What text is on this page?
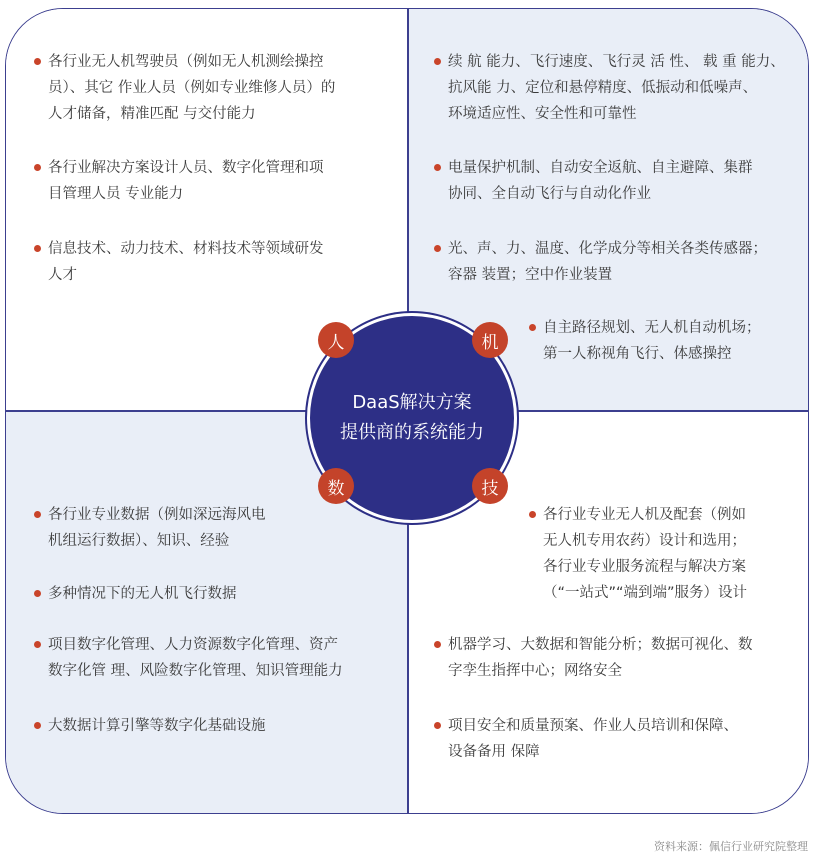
各行业无人机驾驶员（例如无人机测绘操控
员）、其它 作业人员（例如专业维修人员）的
人才储备，精准匹配 与交付能力
各行业解决方案设计人员、数字化管理和项
目管理人员 专业能力
信息技术、动力技术、材料技术等领域研发
人才
续 航 能力、飞行速度、飞行灵 活 性、 载 重 能力、
抗风能 力、定位和悬停精度、低振动和低噪声、
环境适应性、安全性和可靠性
电量保护机制、自动安全返航、自主避障、集群
协同、全自动飞行与自动化作业
光、声、力、温度、化学成分等相关各类传感器；
容器 装置；空中作业装置
自主路径规划、无人机自动机场；
第一人称视角飞行、体感操控
各行业专业数据（例如深远海风电
机组运行数据）、知识、经验
多种情况下的无人机飞行数据
项目数字化管理、人力资源数字化管理、资产
数字化管 理、风险数字化管理、知识管理能力
大数据计算引擎等数字化基础设施
各行业专业无人机及配套（例如
无人机专用农药）设计和选用；
各行业专业服务流程与解决方案
（“一站式”“端到端”服务）设计
机器学习、大数据和智能分析；数据可视化、数
字孪生指挥中心；网络安全
项目安全和质量预案、作业人员培训和保障、
设备备用 保障
DaaS解决方案
提供商的系统能力
人	机
数	技
资料来源：佩信行业研究院整理
